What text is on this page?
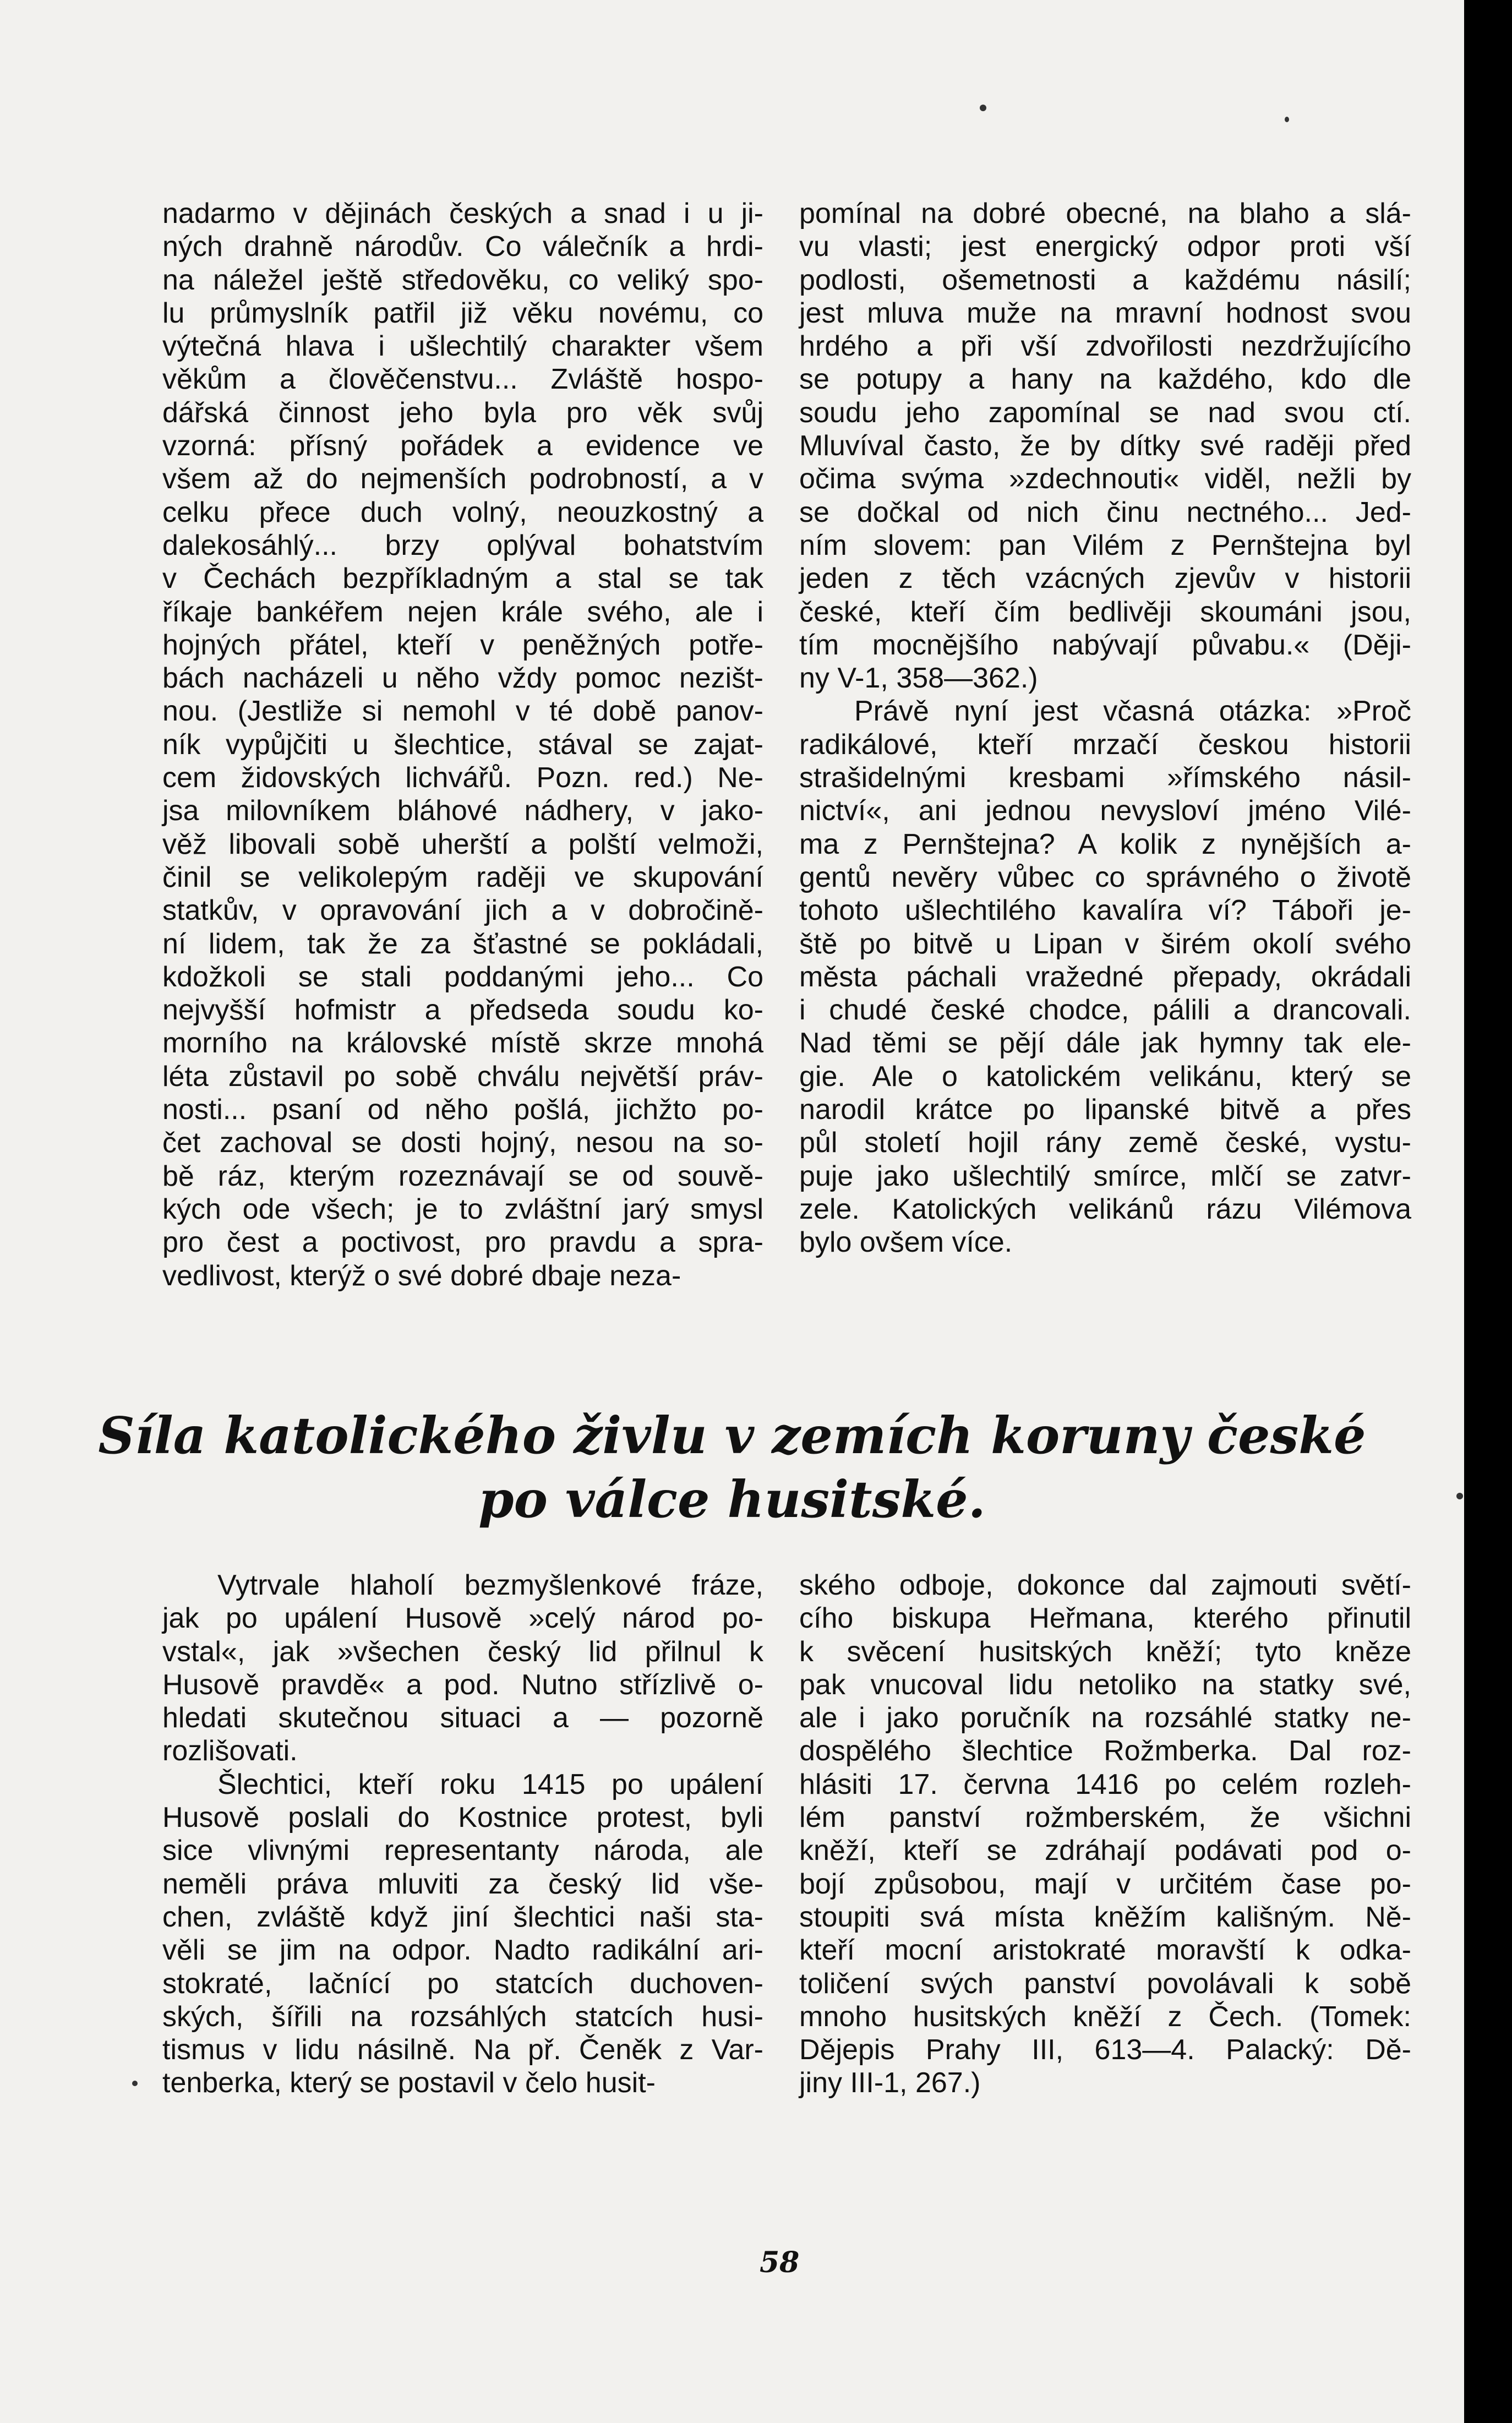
nadarmo v dějinách českých a snad i u ji-
ných drahně národův. Co válečník a hrdi-
na náležel ještě středověku, co veliký spo-
lu průmyslník patřil již věku novému, co
výtečná hlava i ušlechtilý charakter všem
věkům a člověčenstvu... Zvláště hospo-
dářská činnost jeho byla pro věk svůj
vzorná: přísný pořádek a evidence ve
všem až do nejmenších podrobností, a v
celku přece duch volný, neouzkostný a
dalekosáhlý... brzy oplýval bohatstvím
v Čechách bezpříkladným a stal se tak
říkaje bankéřem nejen krále svého, ale i
hojných přátel, kteří v peněžných potře-
bách nacházeli u něho vždy pomoc nezišt-
nou. (Jestliže si nemohl v té době panov-
ník vypůjčiti u šlechtice, stával se zajat-
cem židovských lichvářů. Pozn. red.) Ne-
jsa milovníkem bláhové nádhery, v jako-
věž libovali sobě uherští a polští velmoži,
činil se velikolepým raději ve skupování
statkův, v opravování jich a v dobročině-
ní lidem, tak že za šťastné se pokládali,
kdožkoli se stali poddanými jeho... Co
nejvyšší hofmistr a předseda soudu ko-
morního na královské místě skrze mnohá
léta zůstavil po sobě chválu největší práv-
nosti... psaní od něho pošlá, jichžto po-
čet zachoval se dosti hojný, nesou na so-
bě ráz, kterým rozeznávají se od souvě-
kých ode všech; je to zvláštní jarý smysl
pro čest a poctivost, pro pravdu a spra-
vedlivost, kterýž o své dobré dbaje neza-

pomínal na dobré obecné, na blaho a slá-
vu vlasti; jest energický odpor proti vší
podlosti, ošemetnosti a každému násilí;
jest mluva muže na mravní hodnost svou
hrdého a při vší zdvořilosti nezdržujícího
se potupy a hany na každého, kdo dle
soudu jeho zapomínal se nad svou ctí.
Mluvíval často, že by dítky své raději před
očima svýma »zdechnouti« viděl, nežli by
se dočkal od nich činu nectného... Jed-
ním slovem: pan Vilém z Pernštejna byl
jeden z těch vzácných zjevův v historii
české, kteří čím bedlivěji skoumáni jsou,
tím mocnějšího nabývají půvabu.« (Ději-
ny V-1, 358—362.)

Právě nyní jest včasná otázka: »Proč
radikálové, kteří mrzačí českou historii
strašidelnými kresbami »římského násil-
nictví«, ani jednou nevysloví jméno Vilé-
ma z Pernštejna? A kolik z nynějších a-
gentů nevěry vůbec co správného o životě
tohoto ušlechtilého kavalíra ví? Táboři je-
ště po bitvě u Lipan v širém okolí svého
města páchali vražedné přepady, okrádali
i chudé české chodce, pálili a drancovali.
Nad těmi se pějí dále jak hymny tak ele-
gie. Ale o katolickém velikánu, který se
narodil krátce po lipanské bitvě a přes
půl století hojil rány země české, vystu-
puje jako ušlechtilý smírce, mlčí se zatvr-
zele. Katolických velikánů rázu Vilémova
bylo ovšem více.

Síla katolického živlu v zemích koruny české
po válce husitské.

Vytrvale hlaholí bezmyšlenkové fráze,
jak po upálení Husově »celý národ po-
vstal«, jak »všechen český lid přilnul k
Husově pravdě« a pod. Nutno střízlivě o-
hledati skutečnou situaci a — pozorně
rozlišovati.

Šlechtici, kteří roku 1415 po upálení
Husově poslali do Kostnice protest, byli
sice vlivnými representanty národa, ale
neměli práva mluviti za český lid vše-
chen, zvláště když jiní šlechtici naši sta-
věli se jim na odpor. Nadto radikální ari-
stokraté, lačnící po statcích duchoven-
ských, šířili na rozsáhlých statcích husi-
tismus v lidu násilně. Na př. Čeněk z Var-
tenberka, který se postavil v čelo husit-

ského odboje, dokonce dal zajmouti světí-
cího biskupa Heřmana, kterého přinutil
k svěcení husitských kněží; tyto kněze
pak vnucoval lidu netoliko na statky své,
ale i jako poručník na rozsáhlé statky ne-
dospělého šlechtice Rožmberka. Dal roz-
hlásiti 17. června 1416 po celém rozleh-
lém panství rožmberském, že všichni
kněží, kteří se zdráhají podávati pod o-
bojí způsobou, mají v určitém čase po-
stoupiti svá místa kněžím kališným. Ně-
kteří mocní aristokraté moravští k odka-
toličení svých panství povolávali k sobě
mnoho husitských kněží z Čech. (Tomek:
Dějepis Prahy III, 613—4. Palacký: Dě-
jiny III-1, 267.)

58
